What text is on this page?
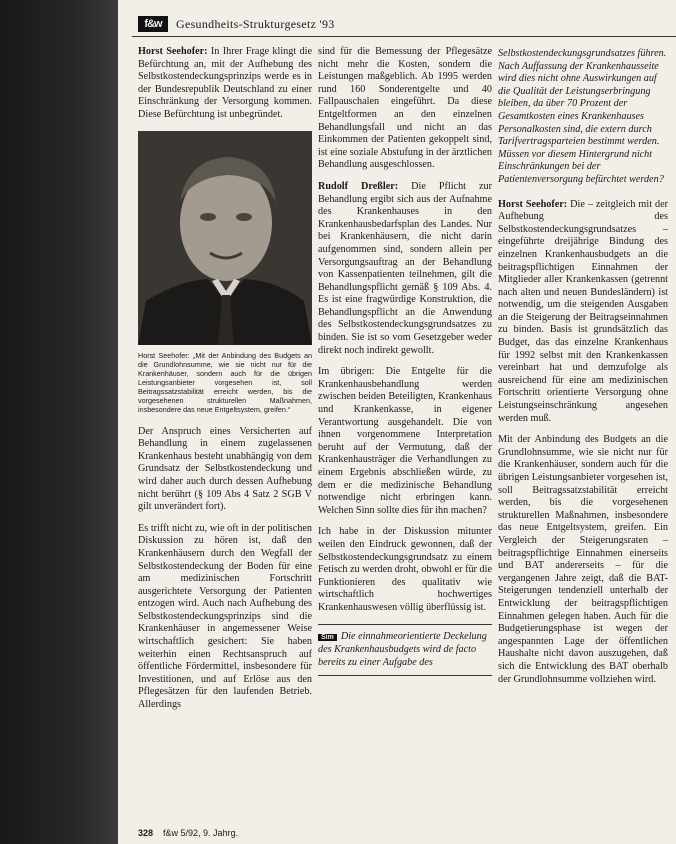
f&w	Gesundheits-Strukturgesetz '93

Horst Seehofer: In Ihrer Frage klingt die Befürchtung an, mit der Aufhebung des Selbstkostendeckungsprinzips werde es in der Bundesrepublik Deutschland zu einer Einschränkung der Versorgung kommen. Diese Befürchtung ist unbegründet.

Horst Seehofer: „Mit der Anbindung des Budgets an die Grundlohnsumme, wie sie nicht nur für die Krankenhäuser, sondern auch für die übrigen Leistungsanbieter vorgesehen ist, soll Beitragssatzstabilität erreicht werden, bis die vorgesehenen strukturellen Maßnahmen, insbesondere das neue Entgeltsystem, greifen.“

Der Anspruch eines Versicherten auf Behandlung in einem zugelassenen Krankenhaus besteht unabhängig von dem Grundsatz der Selbstkostendeckung und wird daher auch durch dessen Aufhebung nicht berührt (§ 109 Abs 4 Satz 2 SGB V gilt unverändert fort).

Es trifft nicht zu, wie oft in der politischen Diskussion zu hören ist, daß den Krankenhäusern durch den Wegfall der Selbstkostendeckung der Boden für eine am medizinischen Fortschritt ausgerichtete Versorgung der Patienten entzogen wird. Auch nach Aufhebung des Selbstkostendeckungsprinzips sind die Krankenhäuser in angemessener Weise wirtschaftlich gesichert: Sie haben weiterhin einen Rechtsanspruch auf öffentliche Fördermittel, insbesondere für Investitionen, und auf Erlöse aus den Pflegesätzen für den laufenden Betrieb. Allerdings

sind für die Bemessung der Pflegesätze nicht mehr die Kosten, sondern die Leistungen maßgeblich. Ab 1995 werden rund 160 Sonderentgelte und 40 Fallpauschalen eingeführt. Da diese Entgeltformen an den einzelnen Behandlungsfall und nicht an das Einkommen der Patienten gekoppelt sind, ist eine soziale Abstufung in der ärztlichen Behandlung ausgeschlossen.

Rudolf Dreßler: Die Pflicht zur Behandlung ergibt sich aus der Aufnahme des Krankenhauses in den Krankenhausbedarfsplan des Landes. Nur bei Krankenhäusern, die nicht darin aufgenommen sind, sondern allein per Versorgungsauftrag an der Behandlung von Kassenpatienten teilnehmen, gilt die Behandlungspflicht gemäß § 109 Abs. 4. Es ist eine fragwürdige Konstruktion, die Behandlungspflicht an die Anwendung des Selbstkostendeckungsgrundsatzes zu binden. Sie ist so vom Gesetzgeber weder direkt noch indirekt gewollt.

Im übrigen: Die Entgelte für die Krankenhausbehandlung werden zwischen beiden Beteiligten, Krankenhaus und Krankenkasse, in eigener Verantwortung ausgehandelt. Die von ihnen vorgenommene Interpretation beruht auf der Vermutung, daß der Krankenhausträger die Verhandlungen zu einem Ergebnis abschließen würde, zu dem er die medizinische Behandlung notwendige nicht erbringen kann. Welchen Sinn sollte dies für ihn machen?

Ich habe in der Diskussion mitunter weilen den Eindruck gewonnen, daß der Selbstkostendeckungsgrundsatz zu einem Fetisch zu werden droht, obwohl er für die Funktionieren des qualitativ wie wirtschaftlich hochwertiges Krankenhauswesen völlig überflüssig ist.

Sim Die einnahmeorientierte Deckelung des Krankenhausbudgets wird de facto bereits zu einer Aufgabe des
Selbstkostendeckungsgrundsatzes führen. Nach Auffassung der Krankenhausseite wird dies nicht ohne Auswirkungen auf die Qualität der Leistungserbringung bleiben, da über 70 Prozent der Gesamtkosten eines Krankenhauses Personalkosten sind, die extern durch Tarifvertragsparteien bestimmt werden. Müssen vor diesem Hintergrund nicht Einschränkungen bei der Patientenversorgung befürchtet werden?

Horst Seehofer: Die – zeitgleich mit der Aufhebung des Selbstkostendeckungsgrundsatzes – eingeführte dreijährige Bindung des einzelnen Krankenhausbudgets an die beitragspflichtigen Einnahmen der Mitglieder aller Krankenkassen (getrennt nach alten und neuen Bundesländern) ist notwendig, um die steigenden Ausgaben an die Steigerung der Beitragseinnahmen zu binden. Basis ist grundsätzlich das Budget, das das einzelne Krankenhaus für 1992 selbst mit den Krankenkassen vereinbart hat und demzufolge als ausreichend für eine am medizinischen Fortschritt orientierte Versorgung ohne Leistungseinschränkung angesehen werden muß.

Mit der Anbindung des Budgets an die Grundlohnsumme, wie sie nicht nur für die Krankenhäuser, sondern auch für die übrigen Leistungsanbieter vorgesehen ist, soll Beitragssatzstabilität erreicht werden, bis die vorgesehenen strukturellen Maßnahmen, insbesondere das neue Entgeltsystem, greifen. Ein Vergleich der Steigerungsraten – beitragspflichtige Einnahmen einerseits und BAT andererseits – für die vergangenen Jahre zeigt, daß die BAT-Steigerungen tendenziell unterhalb der Entwicklung der beitragspflichtigen Einnahmen gelegen haben. Auch für die Budgetierungsphase ist wegen der angespannten Lage der öffentlichen Haushalte nicht davon auszugehen, daß sich die Entwicklung des BAT oberhalb der Grundlohnsumme vollziehen wird.

328 f&w 5/92, 9. Jahrg.
